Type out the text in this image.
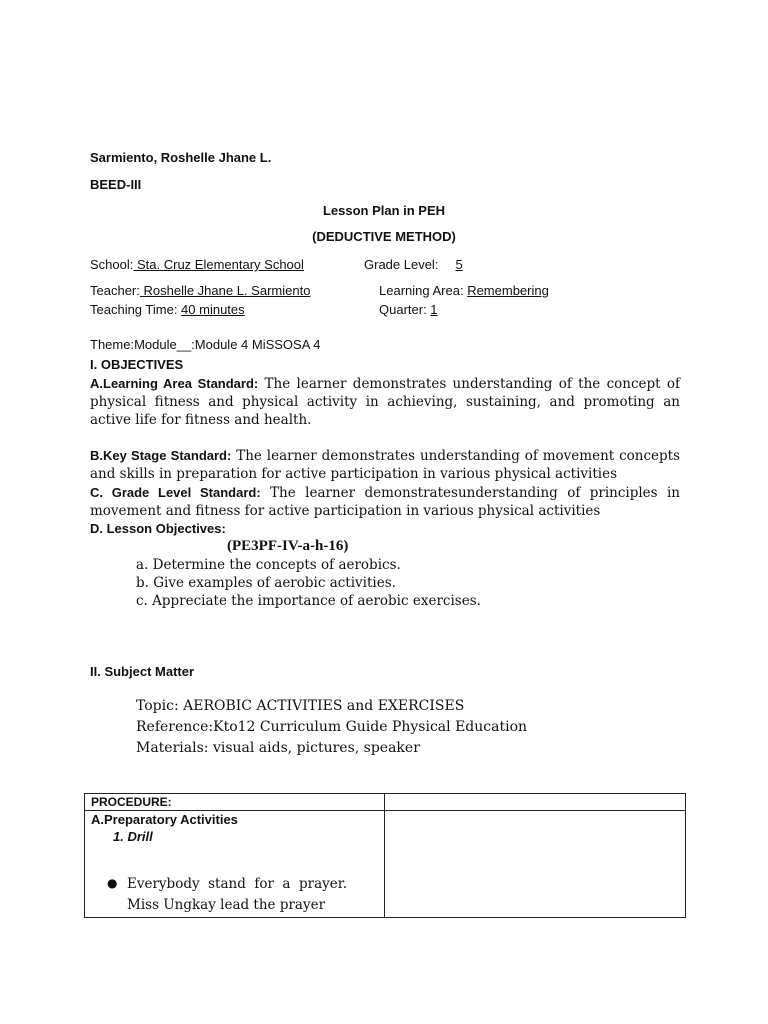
Sarmiento, Roshelle Jhane L.
BEED-III
Lesson Plan in PEH
(DEDUCTIVE METHOD)
School: Sta. Cruz Elementary School	Grade Level: 5
Teacher: Roshelle Jhane L. Sarmiento	Learning Area: Remembering
Teaching Time: 40 minutes	Quarter: 1
Theme:Module__:Module 4 MiSSOSA 4
I. OBJECTIVES
A.Learning Area Standard: The learner demonstrates understanding of the concept of physical fitness and physical activity in achieving, sustaining, and promoting an active life for fitness and health.
B.Key Stage Standard: The learner demonstrates understanding of movement concepts and skills in preparation for active participation in various physical activities
C. Grade Level Standard: The learner demonstratesunderstanding of principles in movement and fitness for active participation in various physical activities
D. Lesson Objectives:
(PE3PF-IV-a-h-16)
a. Determine the concepts of aerobics.
b. Give examples of aerobic activities.
c. Appreciate the importance of aerobic exercises.
II. Subject Matter
Topic: AEROBIC ACTIVITIES and EXERCISES
Reference:Kto12 Curriculum Guide Physical Education
Materials: visual aids, pictures, speaker
PROCEDURE:	

A.Preparatory Activities
1. Drill
● Everybody stand for a prayer. Miss Ungkay lead the prayer	
